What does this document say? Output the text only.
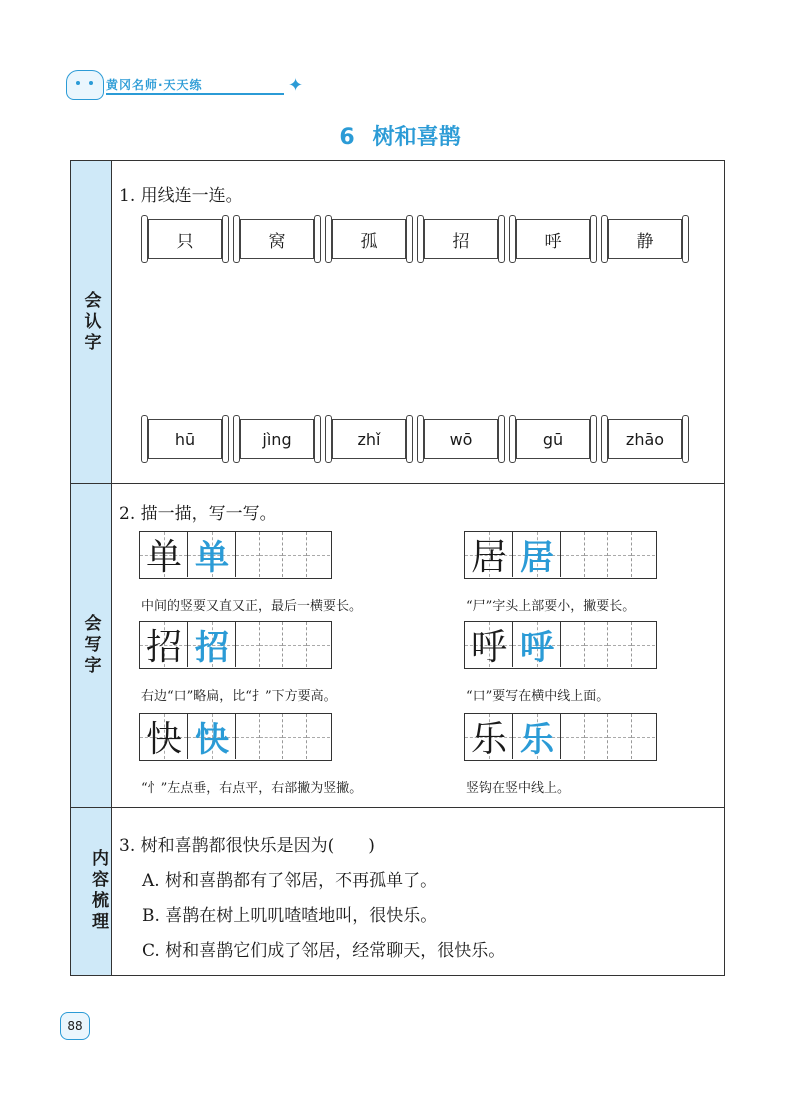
黄冈名师·天天练	✦
6 树和喜鹊
会认字
会写字
内容梳理
1. 用线连一连。
只	窝	孤	招	呼	静
hū	jìng	zhǐ	wō	gū	zhāo
2. 描一描，写一写。
单 单
中间的竖要又直又正，最后一横要长。
居 居
“尸”字头上部要小，撇要长。
招 招
右边“口”略扁，比“扌”下方要高。
呼 呼
“口”要写在横中线上面。
快 快
“忄”左点垂，右点平，右部撇为竖撇。
乐 乐
竖钩在竖中线上。
3. 树和喜鹊都很快乐是因为(　　)
A. 树和喜鹊都有了邻居，不再孤单了。
B. 喜鹊在树上叽叽喳喳地叫，很快乐。
C. 树和喜鹊它们成了邻居，经常聊天，很快乐。
88
